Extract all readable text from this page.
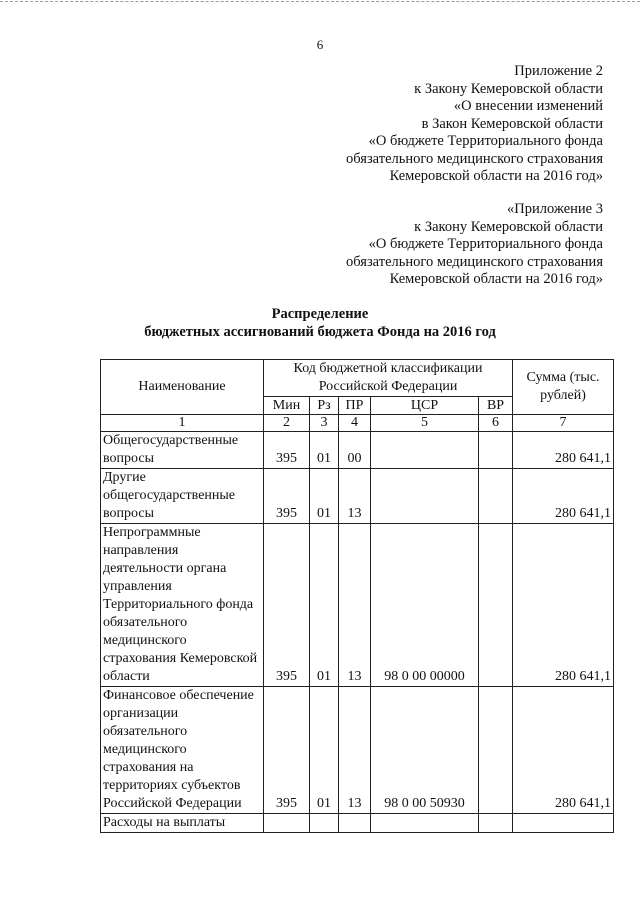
6
Приложение 2
к Закону Кемеровской области
«О внесении изменений
в Закон Кемеровской области
«О бюджете Территориального фонда
обязательного медицинского страхования
Кемеровской области на 2016 год»
«Приложение 3
к Закону Кемеровской области
«О бюджете Территориального фонда
обязательного медицинского страхования
Кемеровской области на 2016 год»
Распределение
бюджетных ассигнований бюджета Фонда на 2016 год
Наименование	Код бюджетной классификации Российской Федерации					Сумма (тыс. рублей)
	Мин	Рз	ПР	ЦСР	ВР	
1	2	3	4	5	6	7
Общегосударственные вопросы	395	01	00			280 641,1
Другие общегосударственные вопросы	395	01	13			280 641,1
Непрограммные направления деятельности органа управления Территориального фонда обязательного медицинского страхования Кемеровской области	395	01	13	98 0 00 00000		280 641,1
Финансовое обеспечение организации обязательного медицинского страхования на территориях субъектов Российской Федерации	395	01	13	98 0 00 50930		280 641,1
Расходы на выплаты						
